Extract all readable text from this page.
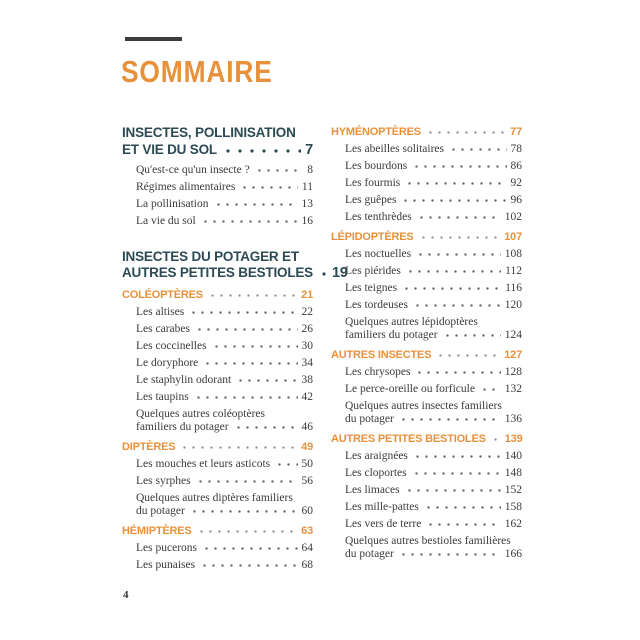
SOMMAIRE
INSECTES, POLLINISATION
ET VIE DU SOL	7
Qu'est-ce qu'un insecte ?	8
Régimes alimentaires	11
La pollinisation	13
La vie du sol	16
INSECTES DU POTAGER ET
AUTRES PETITES BESTIOLES 19
COLÉOPTÈRES	21
Les altises	22
Les carabes	26
Les coccinelles	30
Le doryphore	34
Le staphylin odorant	38
Les taupins	42
Quelques autres coléoptères
familiers du potager	46
DIPTÈRES	49
Les mouches et leurs asticots	50
Les syrphes	56
Quelques autres diptères familiers
du potager	60
HÉMIPTÈRES	63
Les pucerons	64
Les punaises	68
HYMÉNOPTÈRES	77
Les abeilles solitaires	78
Les bourdons	86
Les fourmis	92
Les guêpes	96
Les tenthrèdes	102
LÉPIDOPTÈRES	107
Les noctuelles	108
Les piérides	112
Les teignes	116
Les tordeuses	120
Quelques autres lépidoptères
familiers du potager	124
AUTRES INSECTES	127
Les chrysopes	128
Le perce-oreille ou forficule	132
Quelques autres insectes familiers
du potager	136
AUTRES PETITES BESTIOLES 139
Les araignées	140
Les cloportes	148
Les limaces	152
Les mille-pattes	158
Les vers de terre	162
Quelques autres bestioles familières
du potager	166
4
